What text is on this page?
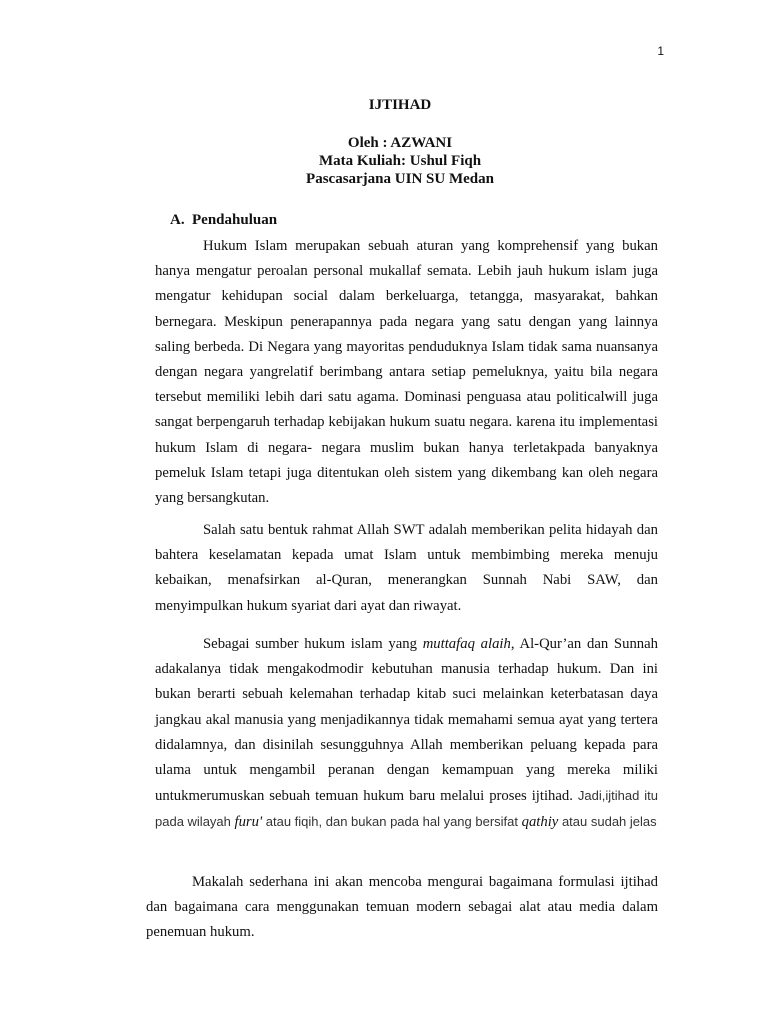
1
IJTIHAD
Oleh : AZWANI
Mata Kuliah: Ushul Fiqh
Pascasarjana UIN SU Medan
A. Pendahuluan

Hukum Islam merupakan sebuah aturan yang komprehensif yang bukan hanya mengatur peroalan personal mukallaf semata. Lebih jauh hukum islam juga mengatur kehidupan social dalam berkeluarga, tetangga, masyarakat, bahkan bernegara. Meskipun penerapannya pada negara yang satu dengan yang lainnya saling berbeda. Di Negara yang mayoritas penduduknya Islam tidak sama nuansanya dengan negara yangrelatif berimbang antara setiap pemeluknya, yaitu bila negara tersebut memiliki lebih dari satu agama. Dominasi penguasa atau politicalwill juga sangat berpengaruh terhadap kebijakan hukum suatu negara. karena itu implementasi hukum Islam di negara- negara muslim bukan hanya terletakpada banyaknya pemeluk Islam tetapi juga ditentukan oleh sistem yang dikembang kan oleh negara yang bersangkutan.

Salah satu bentuk rahmat Allah SWT adalah memberikan pelita hidayah dan bahtera keselamatan kepada umat Islam untuk membimbing mereka menuju kebaikan, menafsirkan al-Quran, menerangkan Sunnah Nabi SAW, dan menyimpulkan hukum syariat dari ayat dan riwayat.

Sebagai sumber hukum islam yang muttafaq alaih, Al-Qur’an dan Sunnah adakalanya tidak mengakodmodir kebutuhan manusia terhadap hukum. Dan ini bukan berarti sebuah kelemahan terhadap kitab suci melainkan keterbatasan daya jangkau akal manusia yang menjadikannya tidak memahami semua ayat yang tertera didalamnya, dan disinilah sesungguhnya Allah memberikan peluang kepada para ulama untuk mengambil peranan dengan kemampuan yang mereka miliki untukmerumuskan sebuah temuan hukum baru melalui proses ijtihad. Jadi,ijtihad itu pada wilayah furu' atau fiqih, dan bukan pada hal yang bersifat qathiy atau sudah jelas

Makalah sederhana ini akan mencoba mengurai bagaimana formulasi ijtihad dan bagaimana cara menggunakan temuan modern sebagai alat atau media dalam penemuan hukum.
